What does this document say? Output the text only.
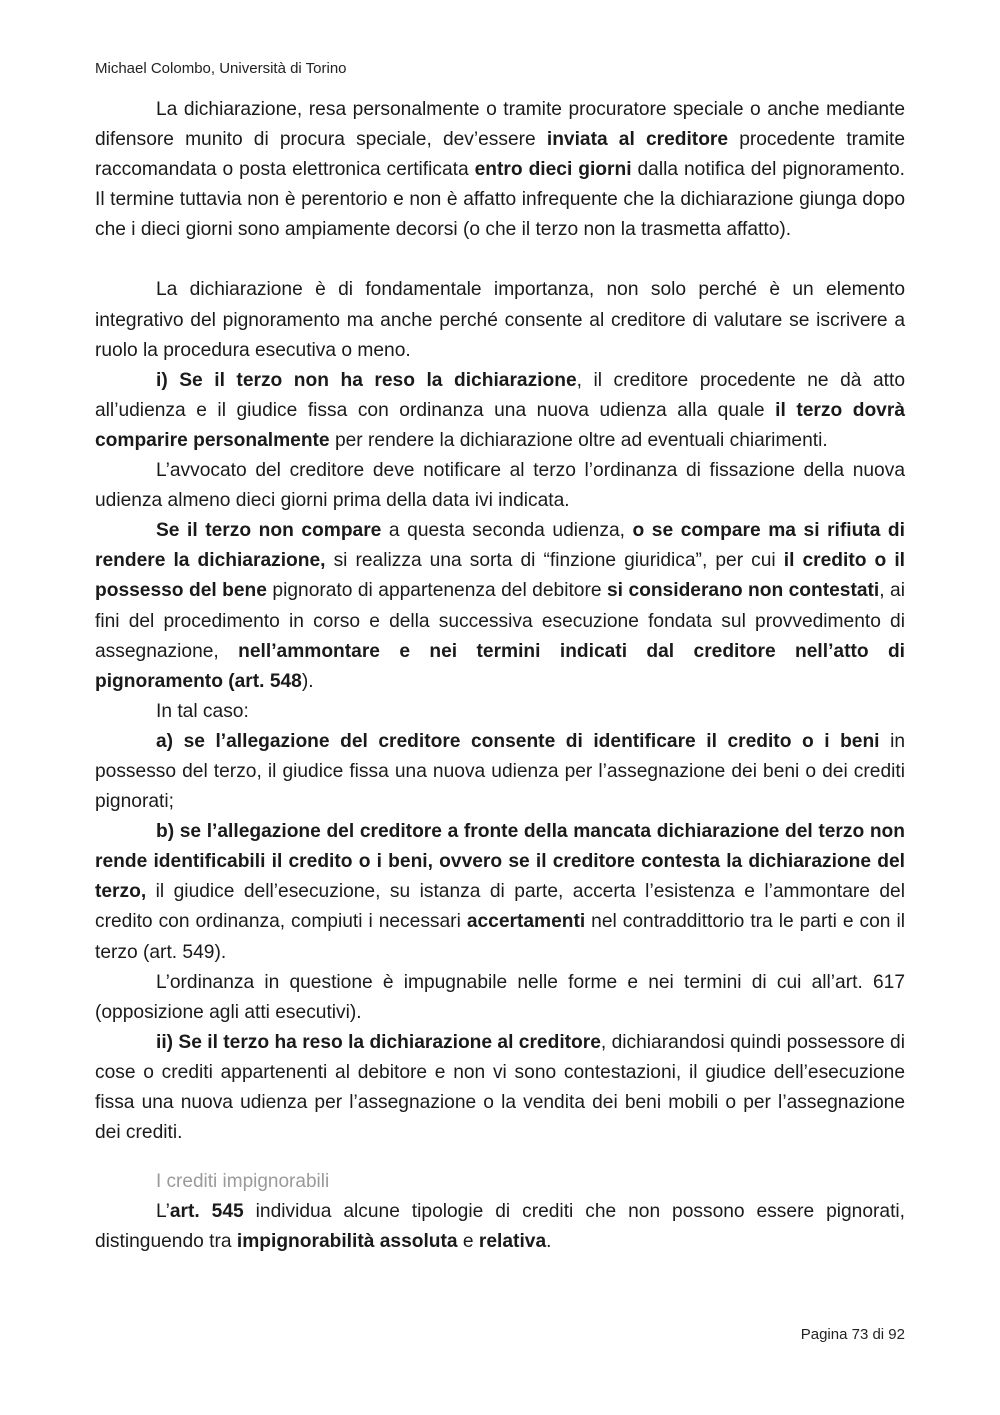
Michael Colombo, Università di Torino

La dichiarazione, resa personalmente o tramite procuratore speciale o anche mediante difensore munito di procura speciale, dev’essere inviata al creditore procedente tramite raccomandata o posta elettronica certificata entro dieci giorni dalla notifica del pignoramento. Il termine tuttavia non è perentorio e non è affatto infrequente che la dichiarazione giunga dopo che i dieci giorni sono ampiamente decorsi (o che il terzo non la trasmetta affatto).

La dichiarazione è di fondamentale importanza, non solo perché è un elemento integrativo del pignoramento ma anche perché consente al creditore di valutare se iscrivere a ruolo la procedura esecutiva o meno.

i) Se il terzo non ha reso la dichiarazione, il creditore procedente ne dà atto all’udienza e il giudice fissa con ordinanza una nuova udienza alla quale il terzo dovrà comparire personalmente per rendere la dichiarazione oltre ad eventuali chiarimenti.

L’avvocato del creditore deve notificare al terzo l’ordinanza di fissazione della nuova udienza almeno dieci giorni prima della data ivi indicata.

Se il terzo non compare a questa seconda udienza, o se compare ma si rifiuta di rendere la dichiarazione, si realizza una sorta di “finzione giuridica”, per cui il credito o il possesso del bene pignorato di appartenenza del debitore si considerano non contestati, ai fini del procedimento in corso e della successiva esecuzione fondata sul provvedimento di assegnazione, nell’ammontare e nei termini indicati dal creditore nell’atto di pignoramento (art. 548).

In tal caso:

a) se l’allegazione del creditore consente di identificare il credito o i beni in possesso del terzo, il giudice fissa una nuova udienza per l’assegnazione dei beni o dei crediti pignorati;

b) se l’allegazione del creditore a fronte della mancata dichiarazione del terzo non rende identificabili il credito o i beni, ovvero se il creditore contesta la dichiarazione del terzo, il giudice dell’esecuzione, su istanza di parte, accerta l’esistenza e l’ammontare del credito con ordinanza, compiuti i necessari accertamenti nel contraddittorio tra le parti e con il terzo (art. 549).

L’ordinanza in questione è impugnabile nelle forme e nei termini di cui all’art. 617 (opposizione agli atti esecutivi).

ii) Se il terzo ha reso la dichiarazione al creditore, dichiarandosi quindi possessore di cose o crediti appartenenti al debitore e non vi sono contestazioni, il giudice dell’esecuzione fissa una nuova udienza per l’assegnazione o la vendita dei beni mobili o per l’assegnazione dei crediti.

I crediti impignorabili

L’art. 545 individua alcune tipologie di crediti che non possono essere pignorati, distinguendo tra impignorabilità assoluta e relativa.

Pagina 73 di 92
